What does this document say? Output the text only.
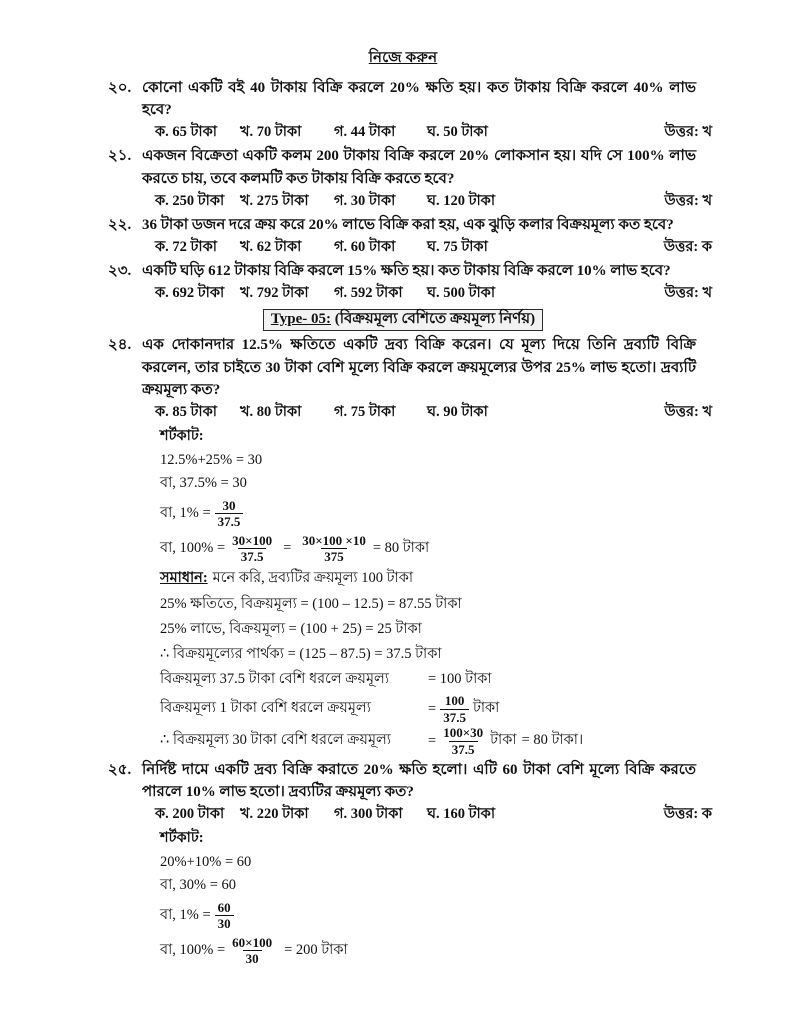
নিজে করুন
২০. কোনো একটি বই 40 টাকায় বিক্রি করলে 20% ক্ষতি হয়। কত টাকায় বিক্রি করলে 40% লাভ হবে?
ক. 65 টাকা খ. 70 টাকা গ. 44 টাকা ঘ. 50 টাকা	উত্তর: খ
২১. একজন বিক্রেতা একটি কলম 200 টাকায় বিক্রি করলে 20% লোকসান হয়। যদি সে 100% লাভ করতে চায়, তবে কলমটি কত টাকায় বিক্রি করতে হবে?
ক. 250 টাকা খ. 275 টাকা গ. 30 টাকা ঘ. 120 টাকা	উত্তর: খ
২২. 36 টাকা ডজন দরে ক্রয় করে 20% লাভে বিক্রি করা হয়, এক ঝুড়ি কলার বিক্রয়মূল্য কত হবে?
ক. 72 টাকা খ. 62 টাকা গ. 60 টাকা ঘ. 75 টাকা	উত্তর: ক
২৩. একটি ঘড়ি 612 টাকায় বিক্রি করলে 15% ক্ষতি হয়। কত টাকায় বিক্রি করলে 10% লাভ হবে?
ক. 692 টাকা খ. 792 টাকা গ. 592 টাকা ঘ. 500 টাকা	উত্তর: খ
Type- 05: (বিক্রয়মূল্য বেশিতে ক্রয়মূল্য নির্ণয়)
২৪. এক দোকানদার 12.5% ক্ষতিতে একটি দ্রব্য বিক্রি করেন। যে মূল্য দিয়ে তিনি দ্রব্যটি বিক্রি করলেন, তার চাইতে 30 টাকা বেশি মূল্যে বিক্রি করলে ক্রয়মূল্যের উপর 25% লাভ হতো। দ্রব্যটি ক্রয়মূল্য কত?
ক. 85 টাকা খ. 80 টাকা গ. 75 টাকা ঘ. 90 টাকা	উত্তর: খ
শর্টকাট:
12.5%+25% = 30
বা, 37.5% = 30
বা, $1\% = \frac{30}{37.5}$
বা, $100\% = \frac{30\times 100}{37.5} = \frac{30\times 100 \times 10}{375} = 80$ টাকা
সমাধান: মনে করি, দ্রব্যটির ক্রয়মূল্য 100 টাকা
25% ক্ষতিতে, বিক্রয়মূল্য = (100 – 12.5) = 87.55 টাকা
25% লাভে, বিক্রয়মূল্য = (100 + 25) = 25 টাকা
∴ বিক্রয়মূল্যের পার্থক্য = (125 – 87.5) = 37.5 টাকা
বিক্রয়মূল্য 37.5 টাকা বেশি ধরলে ক্রয়মূল্য	= 100 টাকা
বিক্রয়মূল্য 1 টাকা বেশি ধরলে ক্রয়মূল্য	= $\frac{100}{37.5}$ টাকা
∴ বিক্রয়মূল্য 30 টাকা বেশি ধরলে ক্রয়মূল্য	= $\frac{100\times 30}{37.5}$ টাকা = 80 টাকা।
২৫. নির্দিষ্ট দামে একটি দ্রব্য বিক্রি করাতে 20% ক্ষতি হলো। এটি 60 টাকা বেশি মূল্যে বিক্রি করতে পারলে 10% লাভ হতো। দ্রব্যটির ক্রয়মূল্য কত?
ক. 200 টাকা খ. 220 টাকা গ. 300 টাকা ঘ. 160 টাকা	উত্তর: ক
শর্টকাট:
20%+10% = 60
বা, 30% = 60
বা, $1\% = \frac{60}{30}$
বা, $100\% = \frac{60\times 100}{30} = 200$ টাকা
